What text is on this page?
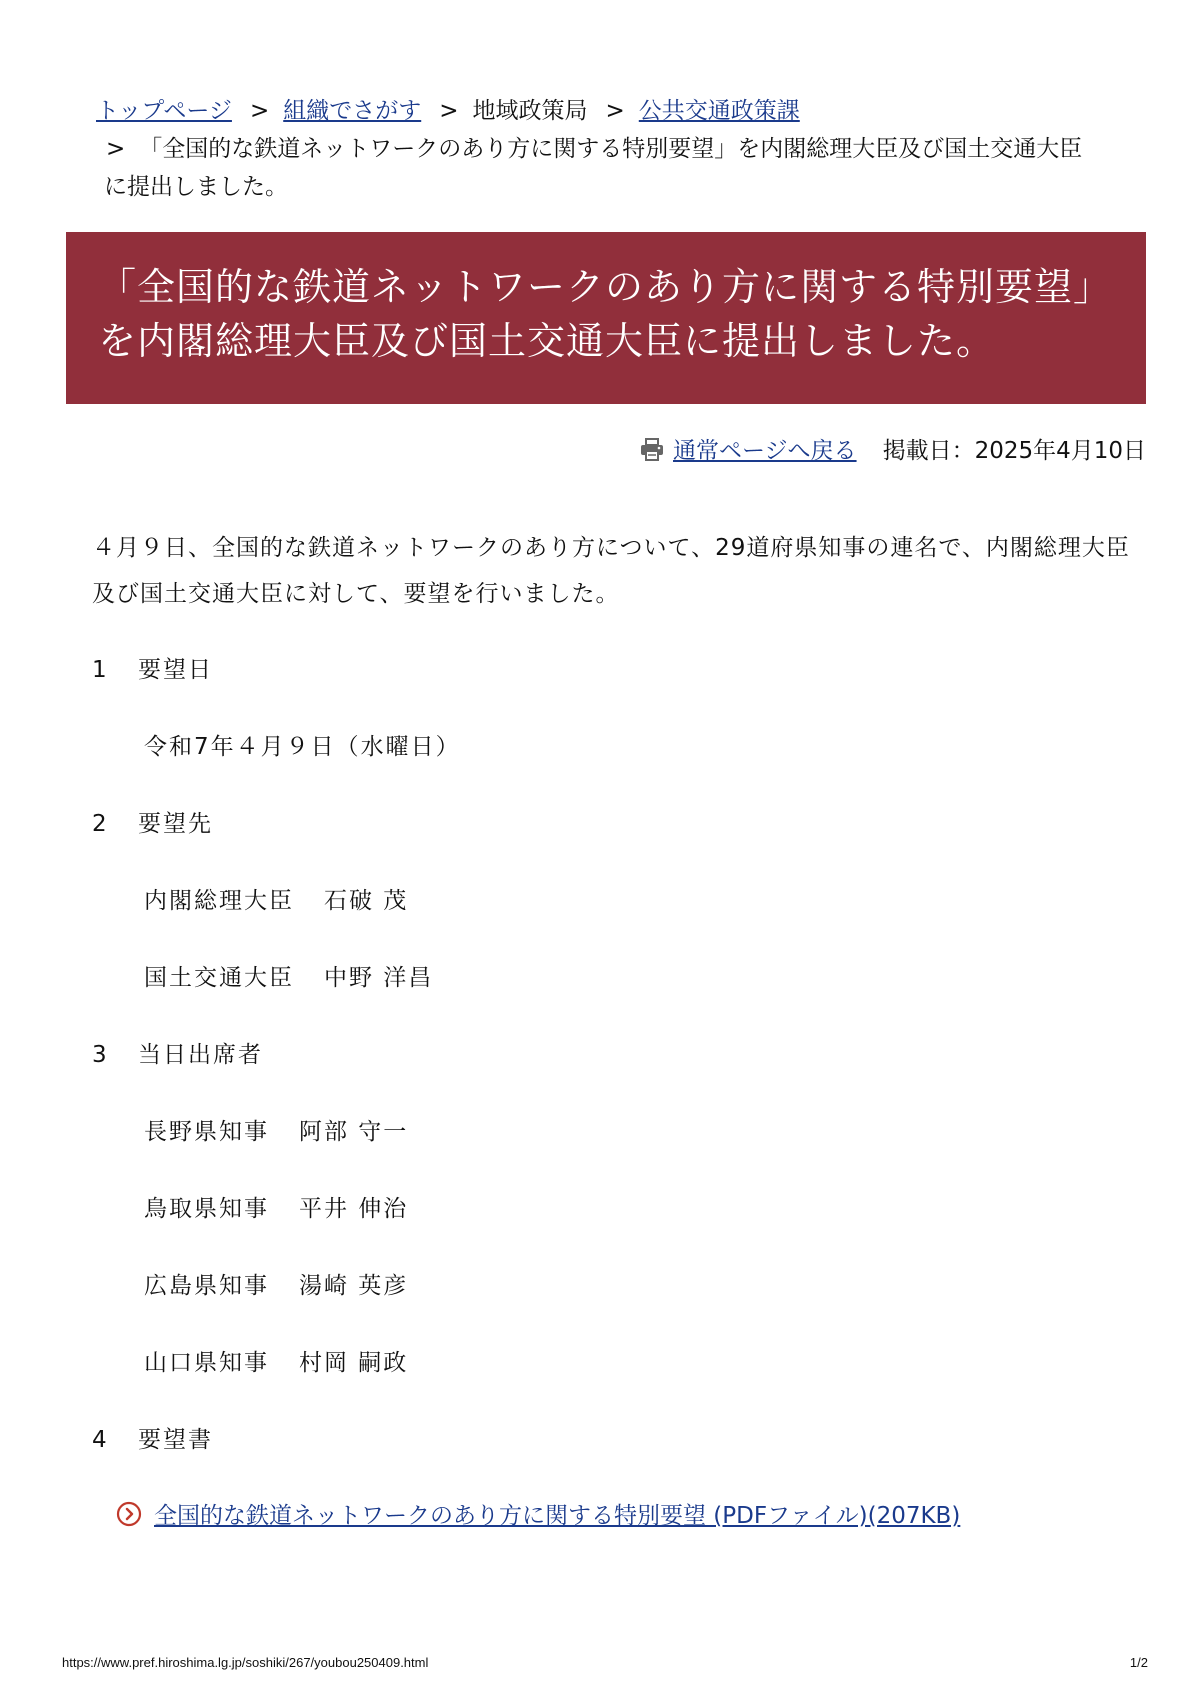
トップページ > 組織でさがす > 地域政策局 > 公共交通政策課
> 「全国的な鉄道ネットワークのあり方に関する特別要望」を内閣総理大臣及び国土交通大臣に提出しました。
「全国的な鉄道ネットワークのあり方に関する特別要望」を内閣総理大臣及び国土交通大臣に提出しました。
通常ページへ戻る 掲載日：2025年4月10日

４月９日、全国的な鉄道ネットワークのあり方について、29道府県知事の連名で、内閣総理大臣及び国土交通大臣に対して、要望を行いました。

1 要望日

令和7年４月９日（水曜日）

2 要望先

内閣総理大臣 石破 茂

国土交通大臣 中野 洋昌

3 当日出席者

長野県知事 阿部 守一

鳥取県知事 平井 伸治

広島県知事 湯崎 英彦

山口県知事 村岡 嗣政

4 要望書

全国的な鉄道ネットワークのあり方に関する特別要望 (PDFファイル)(207KB)
https://www.pref.hiroshima.lg.jp/soshiki/267/youbou250409.html	1/2
